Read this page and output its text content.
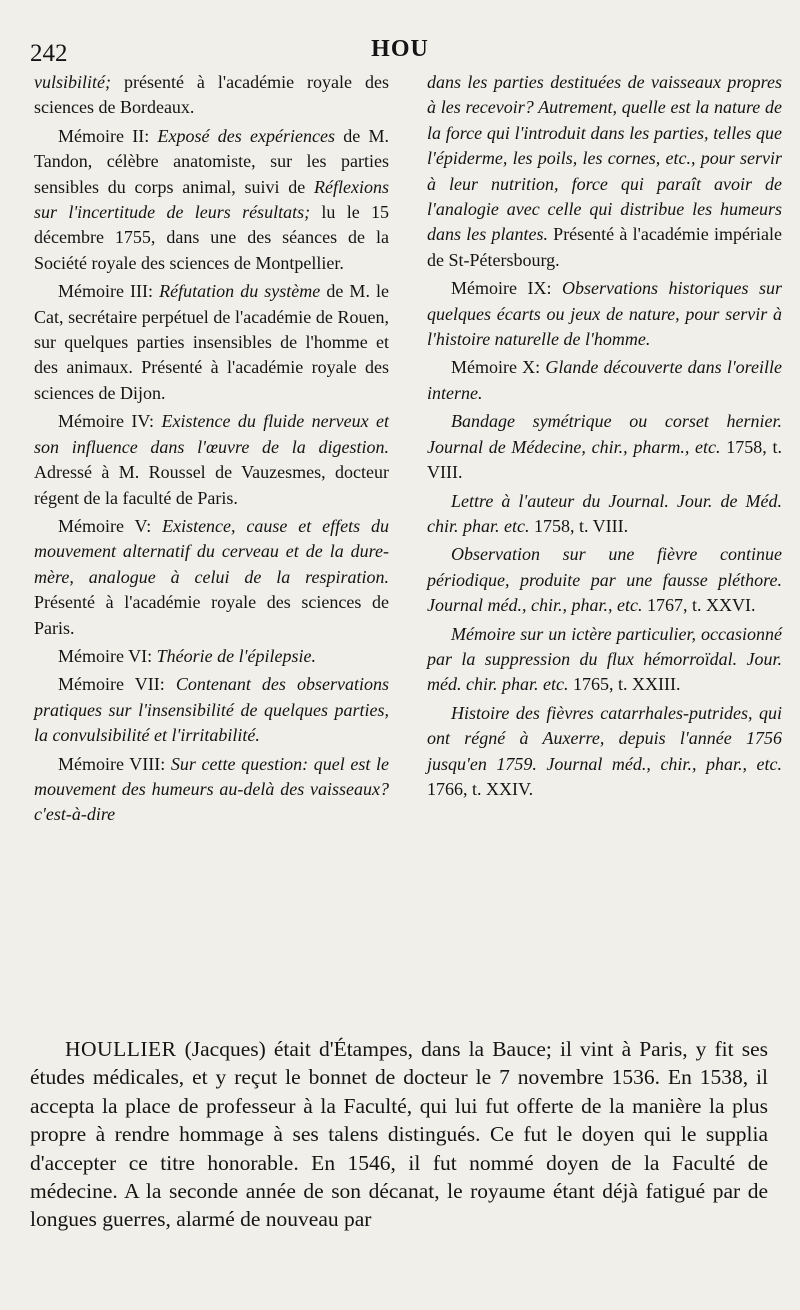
242	HOU

vulsibilité; présenté à l'académie royale des sciences de Bordeaux.

Mémoire II: Exposé des expériences de M. Tandon, célèbre anatomiste, sur les parties sensibles du corps animal, suivi de Réflexions sur l'incertitude de leurs résultats; lu le 15 décembre 1755, dans une des séances de la Société royale des sciences de Montpellier.

Mémoire III: Réfutation du système de M. le Cat, secrétaire perpétuel de l'académie de Rouen, sur quelques parties insensibles de l'homme et des animaux. Présenté à l'académie royale des sciences de Dijon.

Mémoire IV: Existence du fluide nerveux et son influence dans l'œuvre de la digestion. Adressé à M. Roussel de Vauzesmes, docteur régent de la faculté de Paris.

Mémoire V: Existence, cause et effets du mouvement alternatif du cerveau et de la dure-mère, analogue à celui de la respiration. Présenté à l'académie royale des sciences de Paris.

Mémoire VI: Théorie de l'épilepsie.

Mémoire VII: Contenant des observations pratiques sur l'insensibilité de quelques parties, la convulsibilité et l'irritabilité.

Mémoire VIII: Sur cette question: quel est le mouvement des humeurs au-delà des vaisseaux? c'est-à-dire

dans les parties destituées de vaisseaux propres à les recevoir? Autrement, quelle est la nature de la force qui l'introduit dans les parties, telles que l'épiderme, les poils, les cornes, etc., pour servir à leur nutrition, force qui paraît avoir de l'analogie avec celle qui distribue les humeurs dans les plantes. Présenté à l'académie impériale de St-Pétersbourg.

Mémoire IX: Observations historiques sur quelques écarts ou jeux de nature, pour servir à l'histoire naturelle de l'homme.

Mémoire X: Glande découverte dans l'oreille interne.

Bandage symétrique ou corset hernier. Journal de Médecine, chir., pharm., etc. 1758, t. VIII.

Lettre à l'auteur du Journal. Jour. de Méd. chir. phar. etc. 1758, t. VIII.

Observation sur une fièvre continue périodique, produite par une fausse pléthore. Journal méd., chir., phar., etc. 1767, t. XXVI.

Mémoire sur un ictère particulier, occasionné par la suppression du flux hémorroïdal. Jour. méd. chir. phar. etc. 1765, t. XXIII.

Histoire des fièvres catarrhales-putrides, qui ont régné à Auxerre, depuis l'année 1756 jusqu'en 1759. Journal méd., chir., phar., etc. 1766, t. XXIV.

HOULLIER (Jacques) était d'Étampes, dans la Bauce; il vint à Paris, y fit ses études médicales, et y reçut le bonnet de docteur le 7 novembre 1536. En 1538, il accepta la place de professeur à la Faculté, qui lui fut offerte de la manière la plus propre à rendre hommage à ses talens distingués. Ce fut le doyen qui le supplia d'accepter ce titre honorable. En 1546, il fut nommé doyen de la Faculté de médecine. A la seconde année de son décanat, le royaume étant déjà fatigué par de longues guerres, alarmé de nouveau par
